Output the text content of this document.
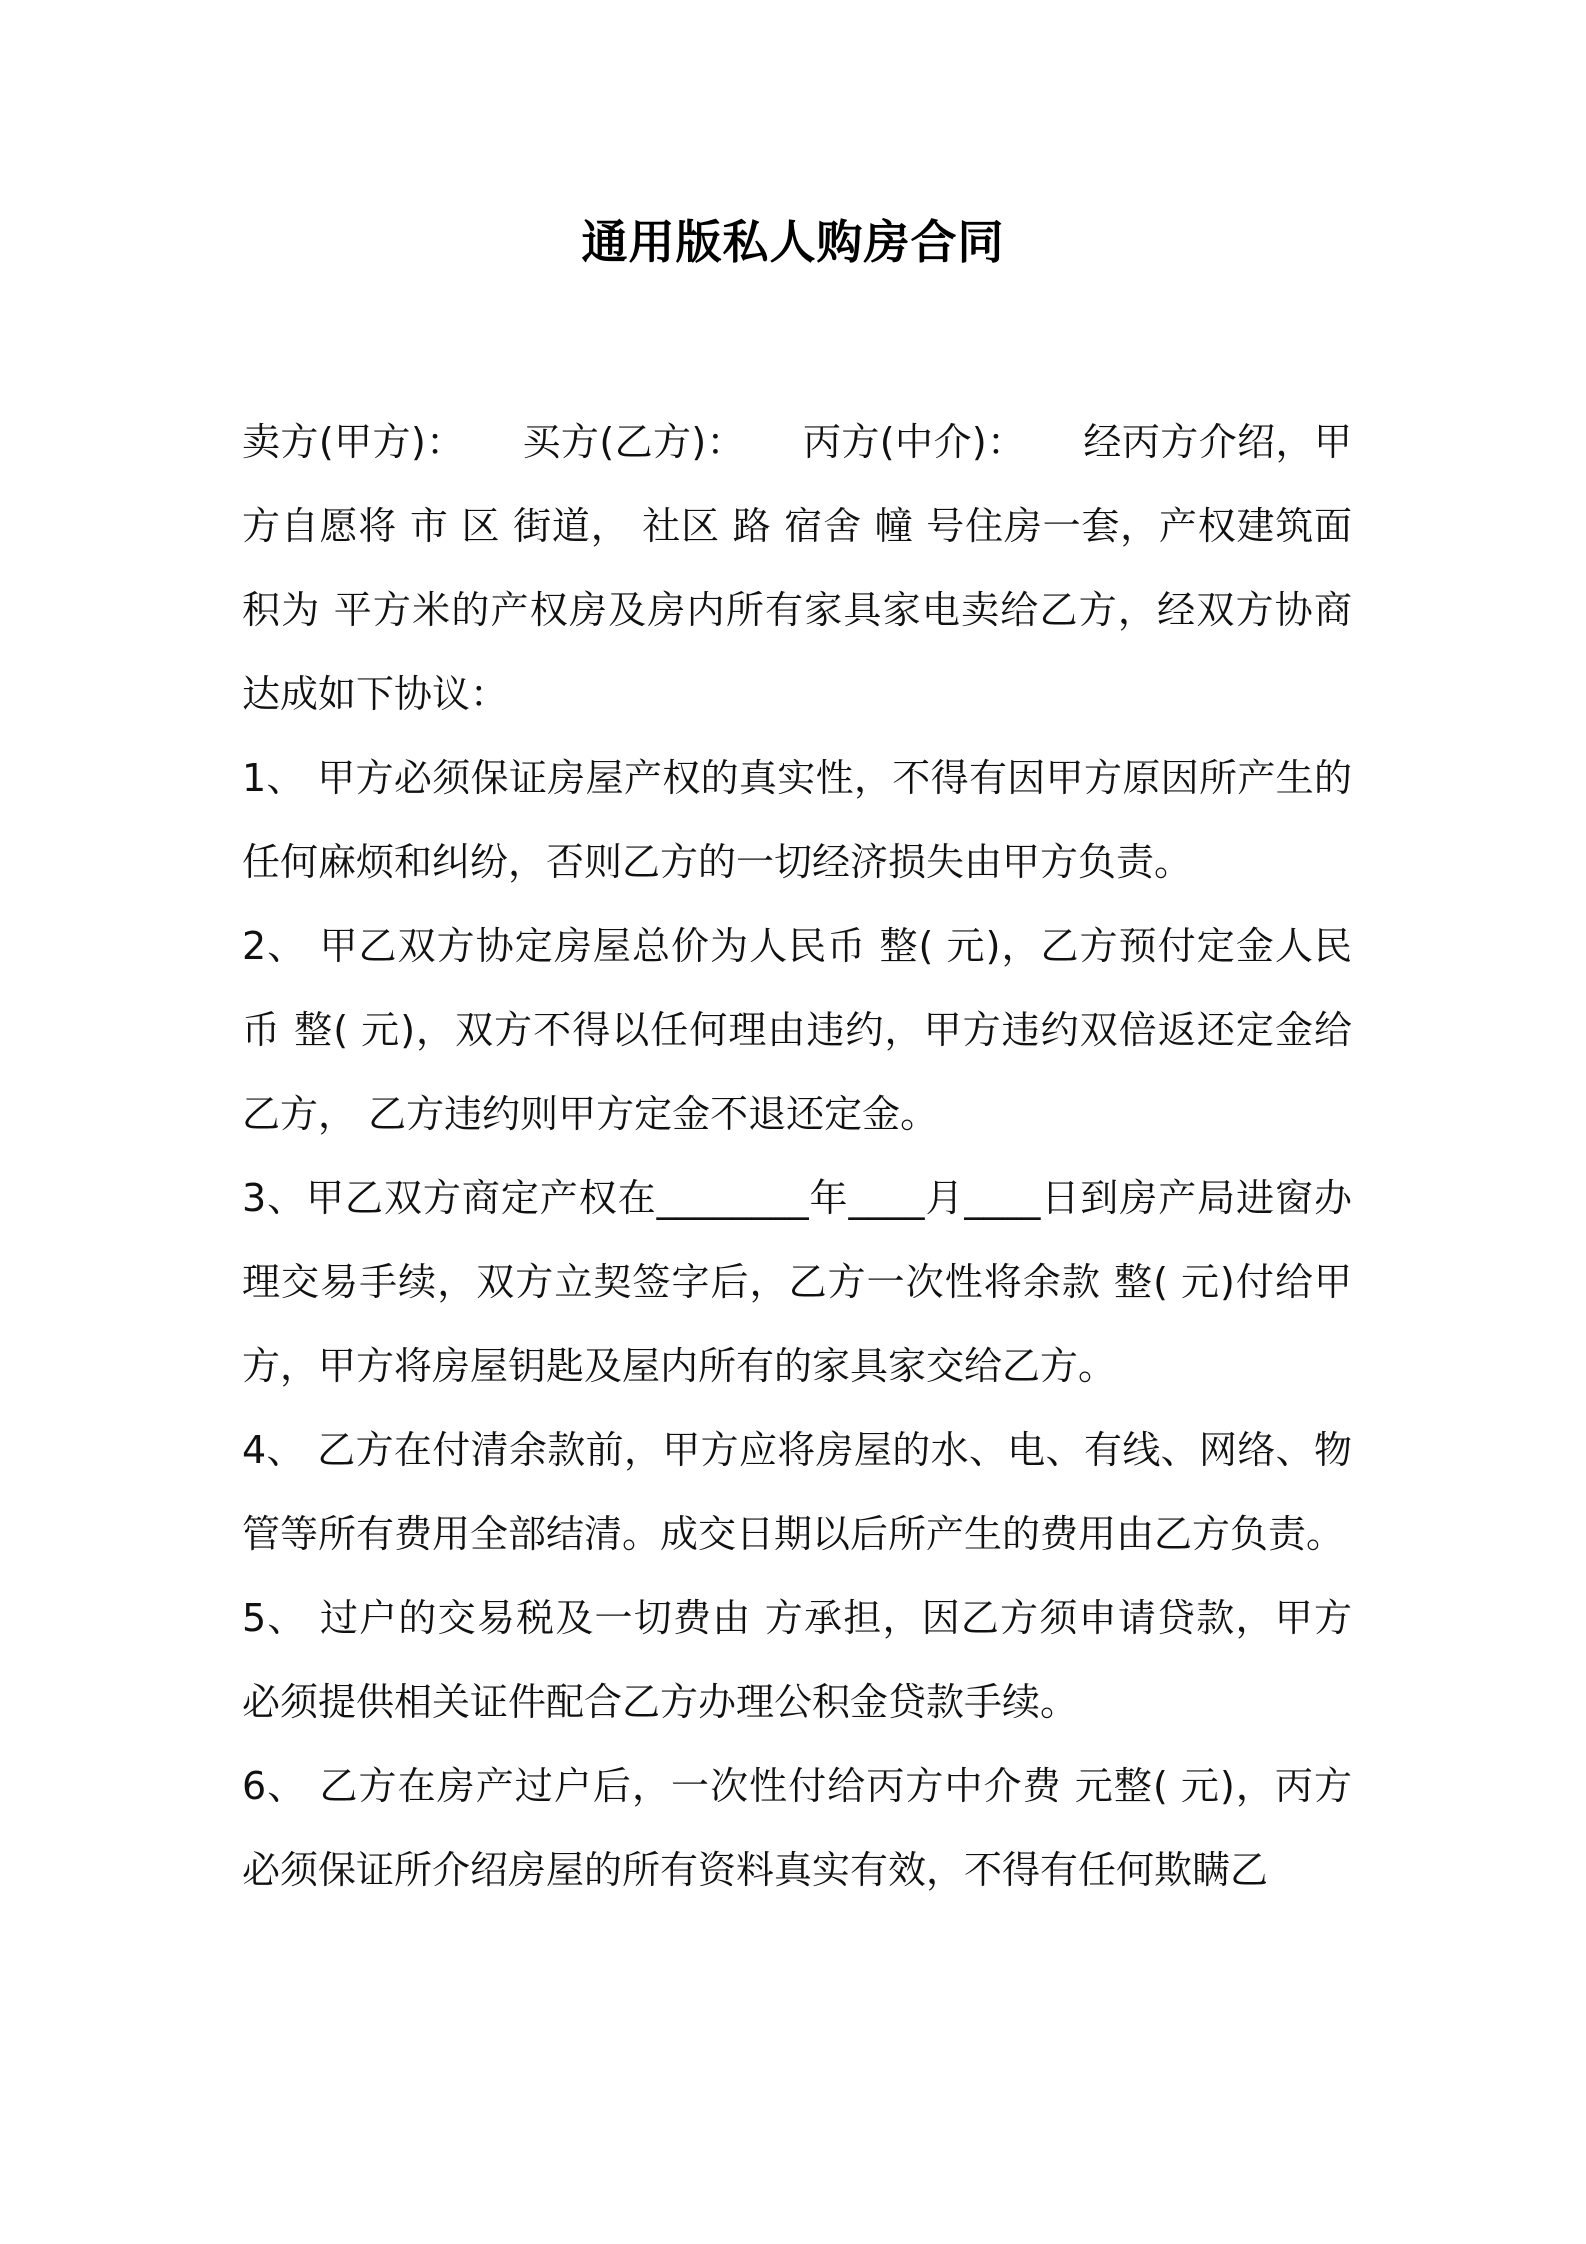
通用版私人购房合同

卖方(甲方)：　　买方(乙方)：　　丙方(中介)：　　经丙方介绍，甲方自愿将 市 区 街道， 社区 路 宿舍 幢 号住房一套，产权建筑面积为 平方米的产权房及房内所有家具家电卖给乙方，经双方协商达成如下协议：

1、 甲方必须保证房屋产权的真实性，不得有因甲方原因所产生的任何麻烦和纠纷，否则乙方的一切经济损失由甲方负责。

2、 甲乙双方协定房屋总价为人民币 整( 元)，乙方预付定金人民币 整( 元)，双方不得以任何理由违约，甲方违约双倍返还定金给乙方， 乙方违约则甲方定金不退还定金。

3、甲乙双方商定产权在________年____月____日到房产局进窗办理交易手续，双方立契签字后，乙方一次性将余款 整( 元)付给甲方，甲方将房屋钥匙及屋内所有的家具家交给乙方。

4、 乙方在付清余款前，甲方应将房屋的水、电、有线、网络、物管等所有费用全部结清。成交日期以后所产生的费用由乙方负责。

5、 过户的交易税及一切费由 方承担，因乙方须申请贷款，甲方必须提供相关证件配合乙方办理公积金贷款手续。

6、 乙方在房产过户后，一次性付给丙方中介费 元整( 元)，丙方必须保证所介绍房屋的所有资料真实有效，不得有任何欺瞒乙
